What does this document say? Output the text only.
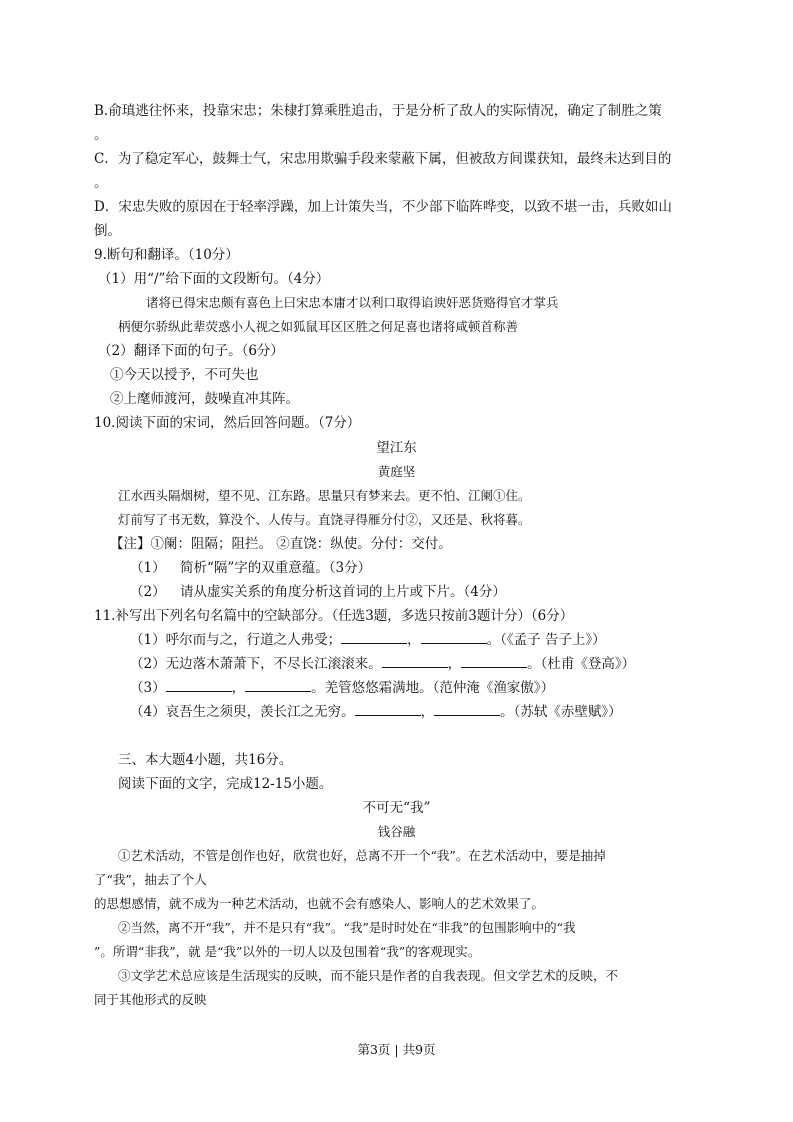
B.俞瑱逃往怀来，投靠宋忠；朱棣打算乘胜追击，于是分析了敌人的实际情况，确定了制胜之策
。
C．为了稳定军心，鼓舞士气，宋忠用欺骗手段来蒙蔽下属，但被敌方间谍获知，最终未达到目的
。
D．宋忠失败的原因在于轻率浮躁，加上计策失当，不少部下临阵哗变，以致不堪一击，兵败如山
倒。
9.断句和翻译。（10分）
（1）用“/”给下面的文段断句。（4分）
诸将已得宋忠颇有喜色上曰宋忠本庸才以利口取得谄谀奸恶货赂得官才掌兵
柄便尔骄纵此辈荧惑小人视之如狐鼠耳区区胜之何足喜也诸将咸顿首称善
（2）翻译下面的句子。（6分）
①今天以授予，不可失也
②上麾师渡河，鼓噪直冲其阵。
10.阅读下面的宋词，然后回答问题。（7分）
望江东
黄庭坚
江水西头隔烟树，望不见、江东路。思量只有梦来去。更不怕、江阑①住。
灯前写了书无数，算没个、人传与。直饶寻得雁分付②，又还是、秋将暮。
【注】①阑：阻隔；阻拦。 ②直饶：纵使。分付：交付。
（1） 简析“隔”字的双重意蕴。（3分）
（2） 请从虚实关系的角度分析这首词的上片或下片。（4分）
11.补写出下列名句名篇中的空缺部分。（任选3题，多选只按前3题计分）（6分）
（1）呼尔而与之，行道之人弗受；	，	。（《孟子 告子上》）
（2）无边落木萧萧下，不尽长江滚滚来。	，	。（杜甫《登高》）
（3）	，	。羌管悠悠霜满地。（范仲淹《渔家傲》）
（4）哀吾生之须臾，羡长江之无穷。	，	。（苏轼《赤壁赋》）
三、本大题4小题，共16分。
阅读下面的文字，完成12-15小题。
不可无“我”
钱谷融
①艺术活动，不管是创作也好，欣赏也好，总离不开一个“我”。在艺术活动中，要是抽掉
了“我”，抽去了个人
的思想感情，就不成为一种艺术活动，也就不会有感染人、影响人的艺术效果了。
②当然，离不开“我”，并不是只有“我”。“我”是时时处在“非我”的包围影响中的“我
”。所谓“非我”，就 是“我”以外的一切人以及包围着“我”的客观现实。
③文学艺术总应该是生活现实的反映，而不能只是作者的自我表现。但文学艺术的反映，不
同于其他形式的反映
第3页 | 共9页
